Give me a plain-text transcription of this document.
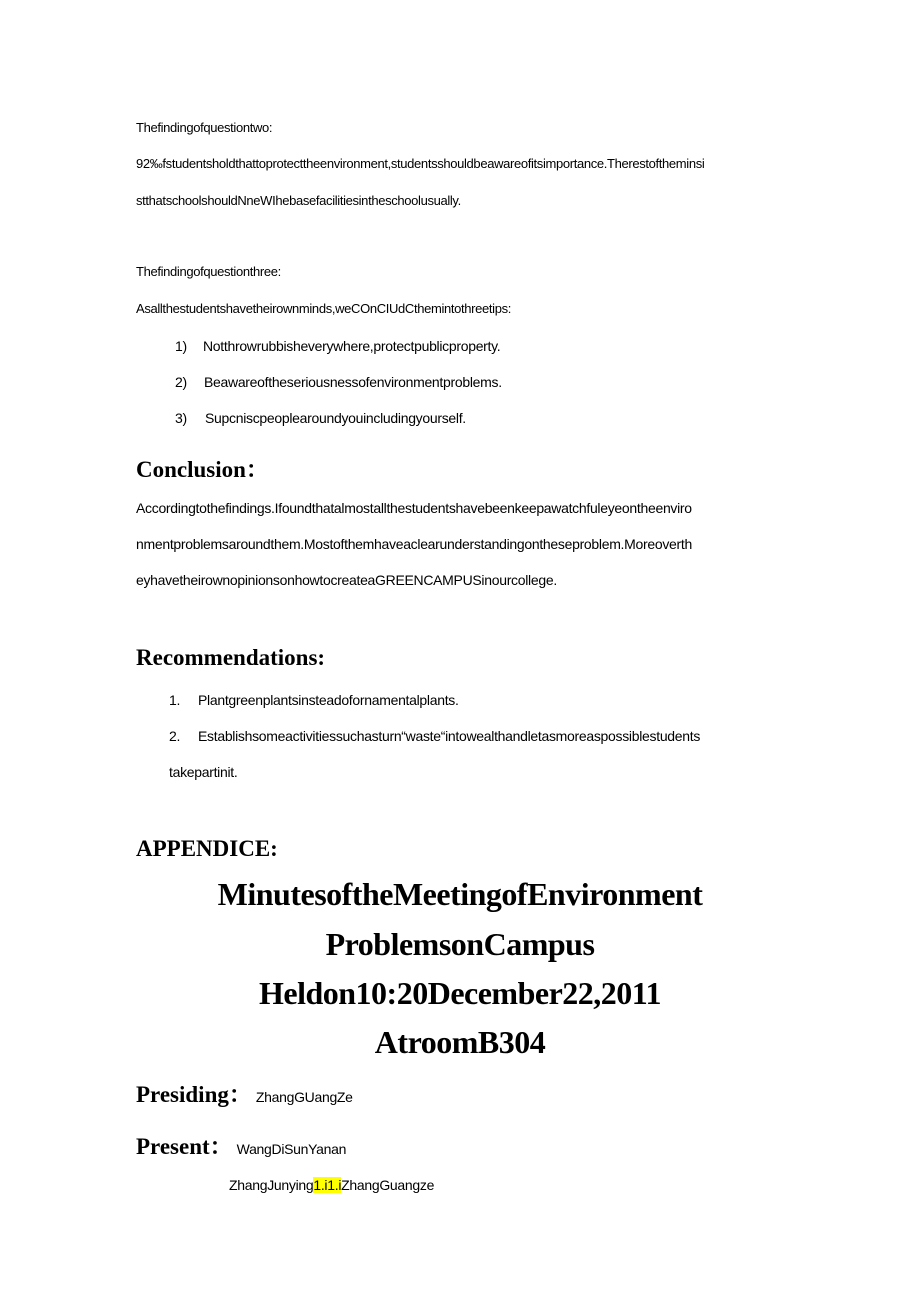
Thefindingofquestiontwo:
92‰fstudentsholdthattoprotecttheenvironment,studentsshouldbeawareofitsimportance.Therestoftheminsi
stthatschoolshouldNneWIhebasefacilitiesintheschoolusually.
Thefindingofquestionthree:
Asallthestudentshavetheirownminds,weCOnCIUdCthemintothreetips:
1) Notthrowrubbisheverywhere,protectpublicproperty.
2) Beawareoftheseriousnessofenvironmentproblems.
3) Supcniscpeoplearoundyouincludingyourself.
Conclusion：
Accordingtothefindings.Ifoundthatalmostallthestudentshavebeenkeepawatchfuleyeontheenviro
nmentproblemsaroundthem.Mostofthemhaveaclearunderstandingontheseproblem.Moreoverth
eyhavetheirownopinionsonhowtocreateaGREENCAMPUSinourcollege.
Recommendations:
1. Plantgreenplantsinsteadofornamentalplants.
2. Establishsomeactivitiessuchasturn“waste“intowealthandletasmoreaspossiblestudents
takepartinit.
APPENDICE:
MinutesoftheMeetingofEnvironment
ProblemsonCampus
Heldon10:20December22,2011
AtroomB304
Presiding： ZhangGUangZe
Present： WangDiSunYanan
ZhangJunying1.i1.iZhangGuangze
